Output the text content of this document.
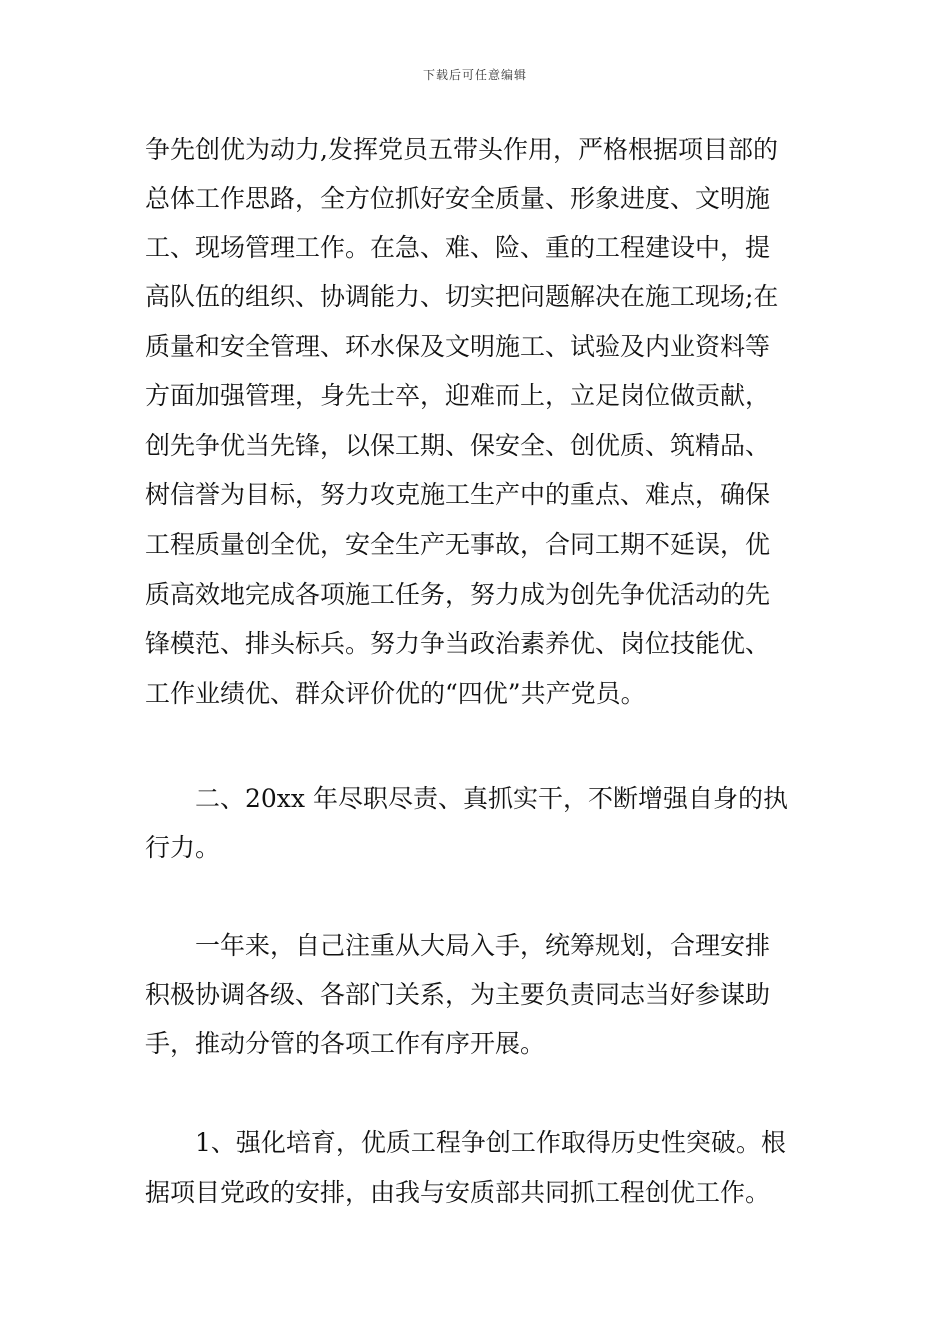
下载后可任意编辑
争先创优为动力,发挥党员五带头作用，严格根据项目部的
总体工作思路，全方位抓好安全质量、形象进度、文明施
工、现场管理工作。在急、难、险、重的工程建设中，提
高队伍的组织、协调能力、切实把问题解决在施工现场;在
质量和安全管理、环水保及文明施工、试验及内业资料等
方面加强管理，身先士卒，迎难而上，立足岗位做贡献，
创先争优当先锋，以保工期、保安全、创优质、筑精品、
树信誉为目标，努力攻克施工生产中的重点、难点，确保
工程质量创全优，安全生产无事故，合同工期不延误，优
质高效地完成各项施工任务，努力成为创先争优活动的先
锋模范、排头标兵。努力争当政治素养优、岗位技能优、
工作业绩优、群众评价优的“四优”共产党员。
　　二、20xx 年尽职尽责、真抓实干，不断增强自身的执
行力。
　　一年来，自己注重从大局入手，统筹规划，合理安排
积极协调各级、各部门关系，为主要负责同志当好参谋助
手，推动分管的各项工作有序开展。
　　1、强化培育，优质工程争创工作取得历史性突破。根
据项目党政的安排，由我与安质部共同抓工程创优工作。
